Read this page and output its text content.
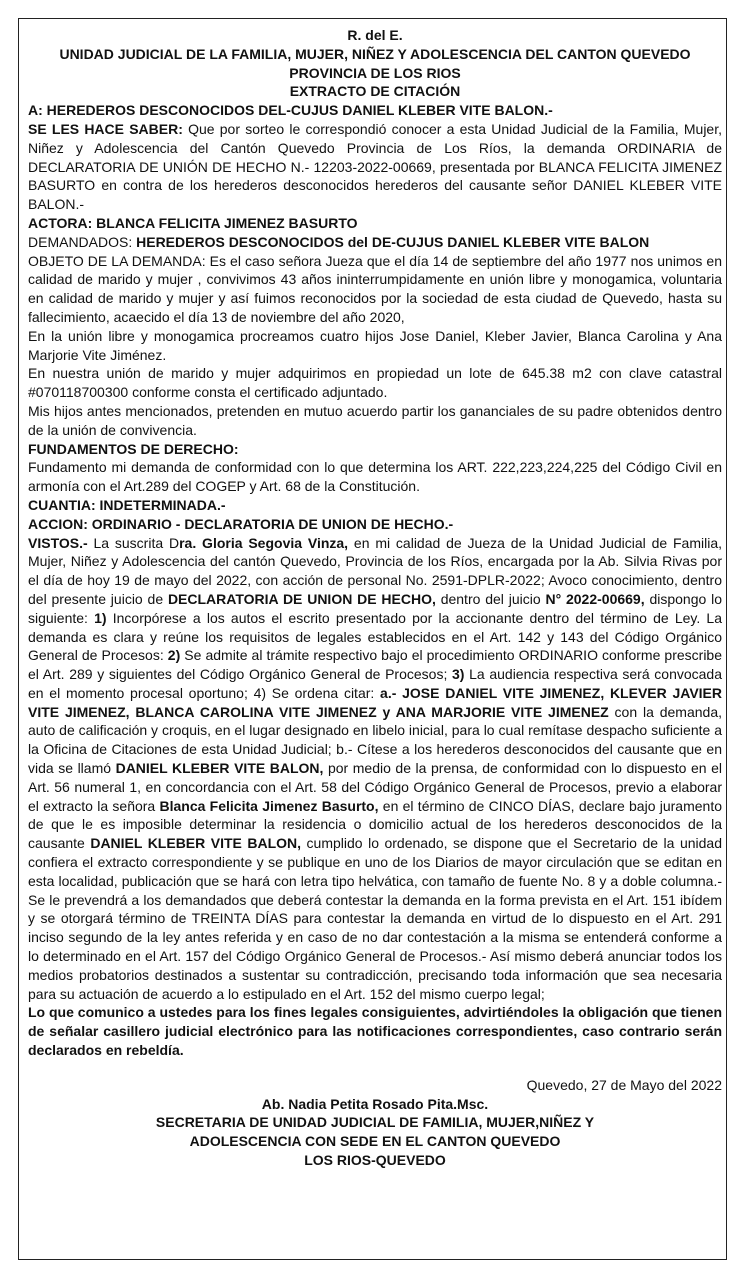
R. del E.

UNIDAD JUDICIAL DE LA FAMILIA, MUJER, NIÑEZ Y ADOLESCENCIA DEL CANTON QUEVEDO

PROVINCIA DE LOS RIOS

EXTRACTO DE CITACIÓN

A: HEREDEROS DESCONOCIDOS DEL-CUJUS DANIEL KLEBER VITE BALON.-

SE LES HACE SABER: Que por sorteo le correspondió conocer a esta Unidad Judicial de la Familia, Mujer, Niñez y Adolescencia del Cantón Quevedo Provincia de Los Ríos, la demanda ORDINARIA de DECLARATORIA DE UNIÓN DE HECHO N.- 12203-2022-00669, presentada por BLANCA FELICITA JIMENEZ BASURTO en contra de los herederos desconocidos herederos del causante señor DANIEL KLEBER VITE BALON.-

ACTORA: BLANCA FELICITA JIMENEZ BASURTO

DEMANDADOS: HEREDEROS DESCONOCIDOS del DE-CUJUS DANIEL KLEBER VITE BALON

OBJETO DE LA DEMANDA: Es el caso señora Jueza que el día 14 de septiembre del año 1977 nos unimos en calidad de marido y mujer , convivimos 43 años ininterrumpidamente en unión libre y monogamica, voluntaria en calidad de marido y mujer y así fuimos reconocidos por la sociedad de esta ciudad de Quevedo, hasta su fallecimiento, acaecido el día 13 de noviembre del año 2020,

En la unión libre y monogamica procreamos cuatro hijos Jose Daniel, Kleber Javier, Blanca Carolina y Ana Marjorie Vite Jiménez.

En nuestra unión de marido y mujer adquirimos en propiedad un lote de 645.38 m2 con clave catastral #070118700300 conforme consta el certificado adjuntado.

Mis hijos antes mencionados, pretenden en mutuo acuerdo partir los gananciales de su padre obtenidos dentro de la unión de convivencia.

FUNDAMENTOS DE DERECHO:

Fundamento mi demanda de conformidad con lo que determina los ART. 222,223,224,225 del Código Civil en armonía con el Art.289 del COGEP y Art. 68 de la Constitución.

CUANTIA: INDETERMINADA.-

ACCION: ORDINARIO - DECLARATORIA DE UNION DE HECHO.-

VISTOS.- La suscrita Dra. Gloria Segovia Vinza, en mi calidad de Jueza de la Unidad Judicial de Familia, Mujer, Niñez y Adolescencia del cantón Quevedo, Provincia de los Ríos, encargada por la Ab. Silvia Rivas por el día de hoy 19 de mayo del 2022, con acción de personal No. 2591-DPLR-2022; Avoco conocimiento, dentro del presente juicio de DECLARATORIA DE UNION DE HECHO, dentro del juicio N° 2022-00669, dispongo lo siguiente: 1) Incorpórese a los autos el escrito presentado por la accionante dentro del término de Ley. La demanda es clara y reúne los requisitos de legales establecidos en el Art. 142 y 143 del Código Orgánico General de Procesos: 2) Se admite al trámite respectivo bajo el procedimiento ORDINARIO conforme prescribe el Art. 289 y siguientes del Código Orgánico General de Procesos; 3) La audiencia respectiva será convocada en el momento procesal oportuno; 4) Se ordena citar: a.- JOSE DANIEL VITE JIMENEZ, KLEVER JAVIER VITE JIMENEZ, BLANCA CAROLINA VITE JIMENEZ y ANA MARJORIE VITE JIMENEZ con la demanda, auto de calificación y croquis, en el lugar designado en libelo inicial, para lo cual remítase despacho suficiente a la Oficina de Citaciones de esta Unidad Judicial; b.- Cítese a los herederos desconocidos del causante que en vida se llamó DANIEL KLEBER VITE BALON, por medio de la prensa, de conformidad con lo dispuesto en el Art. 56 numeral 1, en concordancia con el Art. 58 del Código Orgánico General de Procesos, previo a elaborar el extracto la señora Blanca Felicita Jimenez Basurto, en el término de CINCO DÍAS, declare bajo juramento de que le es imposible determinar la residencia o domicilio actual de los herederos desconocidos de la causante DANIEL KLEBER VITE BALON, cumplido lo ordenado, se dispone que el Secretario de la unidad confiera el extracto correspondiente y se publique en uno de los Diarios de mayor circulación que se editan en esta localidad, publicación que se hará con letra tipo helvática, con tamaño de fuente No. 8 y a doble columna.- Se le prevendrá a los demandados que deberá contestar la demanda en la forma prevista en el Art. 151 ibídem y se otorgará término de TREINTA DÍAS para contestar la demanda en virtud de lo dispuesto en el Art. 291 inciso segundo de la ley antes referida y en caso de no dar contestación a la misma se entenderá conforme a lo determinado en el Art. 157 del Código Orgánico General de Procesos.- Así mismo deberá anunciar todos los medios probatorios destinados a sustentar su contradicción, precisando toda información que sea necesaria para su actuación de acuerdo a lo estipulado en el Art. 152 del mismo cuerpo legal;

Lo que comunico a ustedes para los fines legales consiguientes, advirtiéndoles la obligación que tienen de señalar casillero judicial electrónico para las notificaciones correspondientes, caso contrario serán declarados en rebeldía.

Quevedo, 27 de Mayo del 2022

Ab. Nadia Petita Rosado Pita.Msc.

SECRETARIA DE UNIDAD JUDICIAL DE FAMILIA, MUJER,NIÑEZ Y

ADOLESCENCIA CON SEDE EN EL CANTON QUEVEDO

LOS RIOS-QUEVEDO
